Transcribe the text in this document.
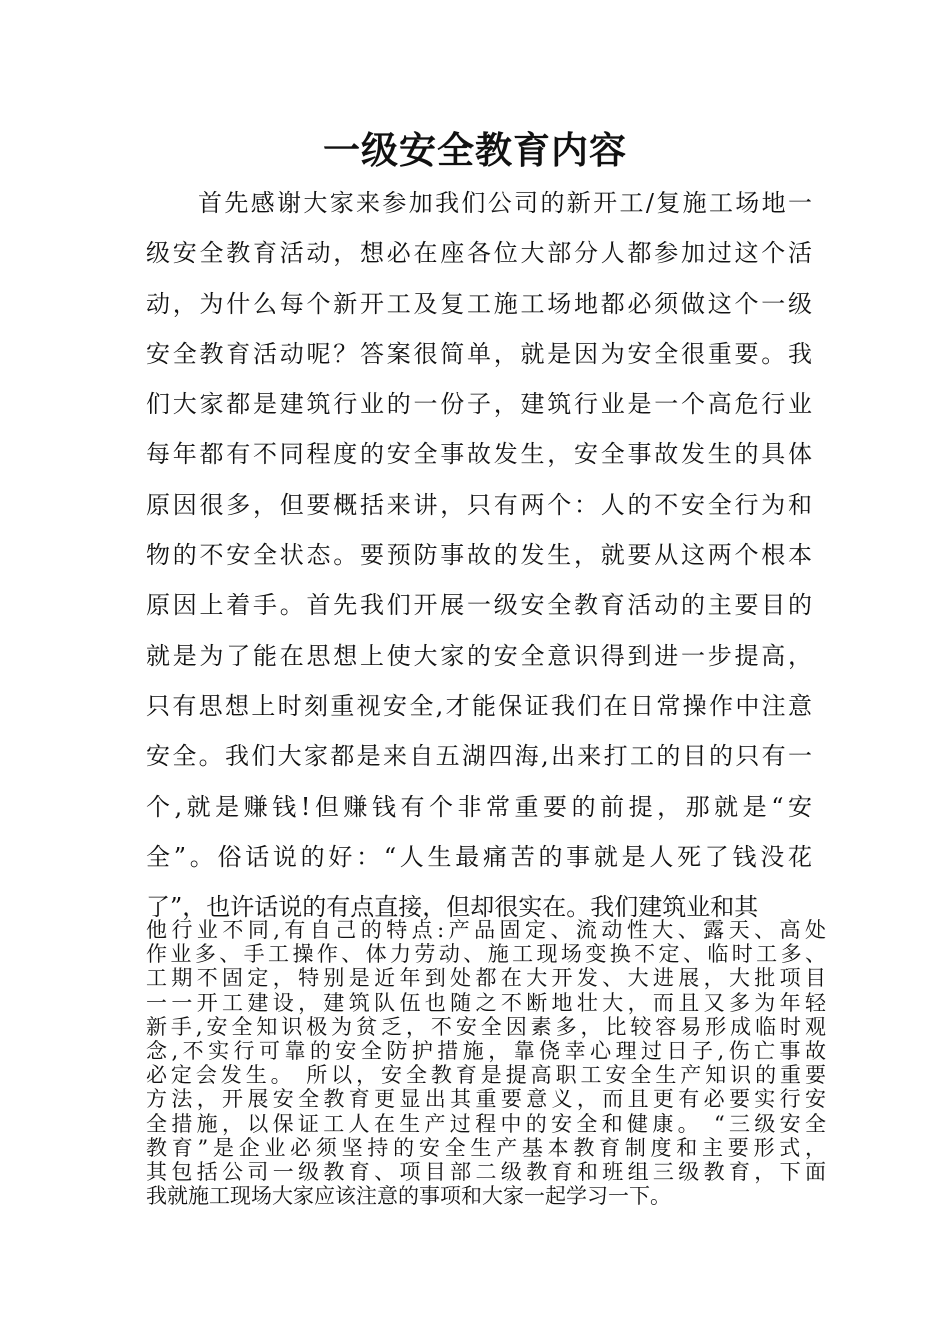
一级安全教育内容
首先感谢大家来参加我们公司的新开工/复施工场地一
级安全教育活动，想必在座各位大部分人都参加过这个活
动，为什么每个新开工及复工施工场地都必须做这个一级
安全教育活动呢？答案很简单，就是因为安全很重要。我
们大家都是建筑行业的一份子，建筑行业是一个高危行业
每年都有不同程度的安全事故发生，安全事故发生的具体
原因很多，但要概括来讲，只有两个：人的不安全行为和
物的不安全状态。要预防事故的发生，就要从这两个根本
原因上着手。首先我们开展一级安全教育活动的主要目的
就是为了能在思想上使大家的安全意识得到进一步提高，
只有思想上时刻重视安全,才能保证我们在日常操作中注意
安全。我们大家都是来自五湖四海,出来打工的目的只有一
个,就是赚钱!但赚钱有个非常重要的前提，那就是“安
全”。俗话说的好：“人生最痛苦的事就是人死了钱没花
了”，也许话说的有点直接，但却很实在。我们建筑业和其
他行业不同,有自己的特点:产品固定、流动性大、露天、高处
作业多、手工操作、体力劳动、施工现场变换不定、临时工多、
工期不固定，特别是近年到处都在大开发、大进展，大批项目
一一开工建设，建筑队伍也随之不断地壮大，而且又多为年轻
新手,安全知识极为贫乏，不安全因素多，比较容易形成临时观
念,不实行可靠的安全防护措施，靠侥幸心理过日子,伤亡事故
必定会发生。 所以，安全教育是提高职工安全生产知识的重要
方法，开展安全教育更显出其重要意义，而且更有必要实行安
全措施，以保证工人在生产过程中的安全和健康。 “三级安全
教育”是企业必须坚持的安全生产基本教育制度和主要形式，
其包括公司一级教育、项目部二级教育和班组三级教育，下面
我就施工现场大家应该注意的事项和大家一起学习一下。
